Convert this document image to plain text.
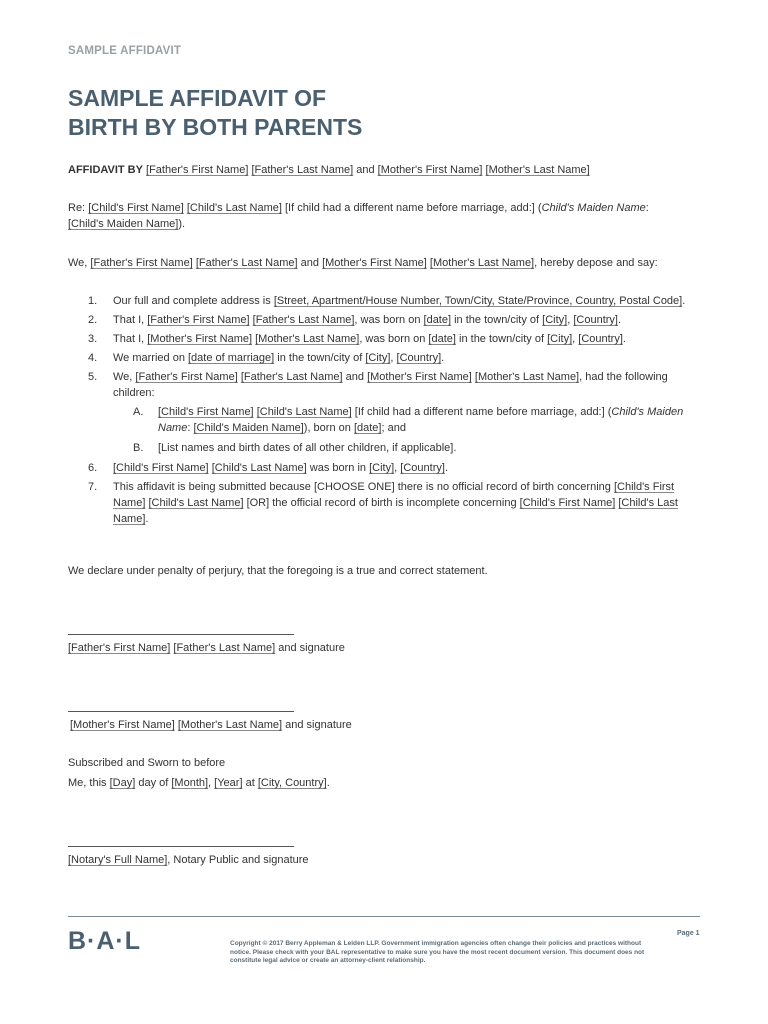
SAMPLE AFFIDAVIT
SAMPLE AFFIDAVIT OF
BIRTH BY BOTH PARENTS
AFFIDAVIT BY [Father's First Name] [Father's Last Name] and [Mother's First Name] [Mother's Last Name]
Re: [Child's First Name] [Child's Last Name] [If child had a different name before marriage, add:] (Child's Maiden Name: [Child's Maiden Name]).
We, [Father's First Name] [Father's Last Name] and [Mother's First Name] [Mother's Last Name], hereby depose and say:
1.	Our full and complete address is [Street, Apartment/House Number, Town/City, State/Province, Country, Postal Code].
2.	That I, [Father's First Name] [Father's Last Name], was born on [date] in the town/city of [City], [Country].
3.	That I, [Mother's First Name] [Mother's Last Name], was born on [date] in the town/city of [City], [Country].
4.	We married on [date of marriage] in the town/city of [City], [Country].
5.	We, [Father's First Name] [Father's Last Name] and [Mother's First Name] [Mother's Last Name], had the following children:
A.	[Child's First Name] [Child's Last Name] [If child had a different name before marriage, add:] (Child's Maiden Name: [Child's Maiden Name]), born on [date]; and
B.	[List names and birth dates of all other children, if applicable].
6.	[Child's First Name] [Child's Last Name] was born in [City], [Country].
7.	This affidavit is being submitted because [CHOOSE ONE] there is no official record of birth concerning [Child's First Name] [Child's Last Name] [OR] the official record of birth is incomplete concerning [Child's First Name] [Child's Last Name].
We declare under penalty of perjury, that the foregoing is a true and correct statement.
[Father's First Name] [Father's Last Name] and signature
[Mother's First Name] [Mother's Last Name] and signature
Subscribed and Sworn to before
Me, this [Day] day of [Month], [Year] at [City, Country].
[Notary's Full Name], Notary Public and signature
B·A·L	Copyright © 2017 Berry Appleman & Leiden LLP. Government immigration agencies often change their policies and practices without notice. Please check with your BAL representative to make sure you have the most recent document version. This document does not constitute legal advice or create an attorney-client relationship.
Page 1
